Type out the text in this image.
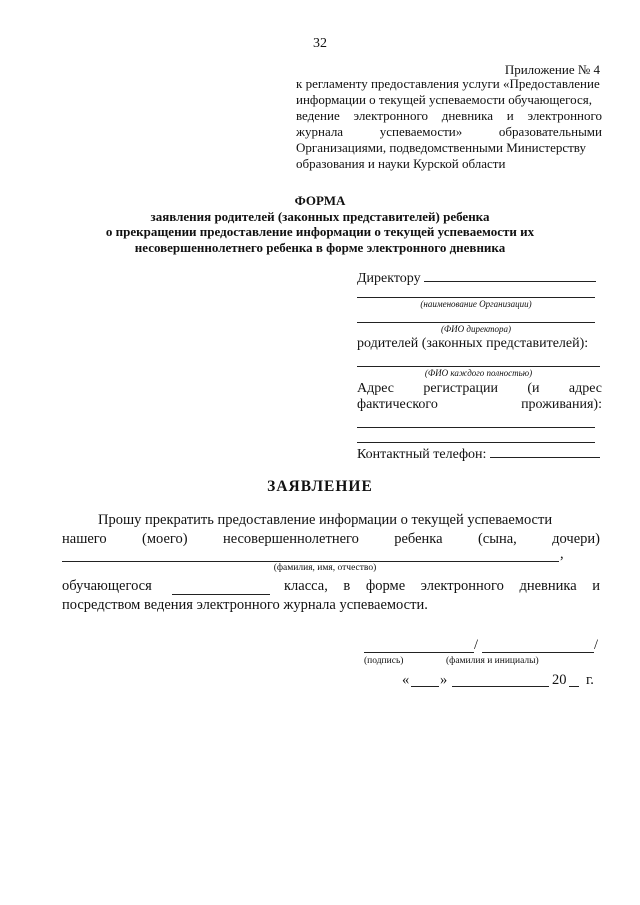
32
Приложение № 4
к регламенту предоставления услуги «Предоставление
информации о текущей успеваемости обучающегося,
ведение электронного дневника и электронного
журнала успеваемости» образовательными
Организациями, подведомственными Министерству
образования и науки Курской области
ФОРМА
заявления родителей (законных представителей) ребенка
о прекращении предоставление информации о текущей успеваемости их
несовершеннолетнего ребенка в форме электронного дневника
Директору
(наименование Организации)
(ФИО директора)
родителей (законных представителей):
(ФИО каждого полностью)
Адрес регистрации (и адрес
фактического проживания):
Контактный телефон:
ЗАЯВЛЕНИЕ
Прошу прекратить предоставление информации о текущей успеваемости
нашего (моего) несовершеннолетнего ребенка (сына, дочери)
,
(фамилия, имя, отчество)
обучающегося	класса, в форме электронного дневника и
посредством ведения электронного журнала успеваемости.
/	/
(подпись)	(фамилия и инициалы)
« »	20 г.
